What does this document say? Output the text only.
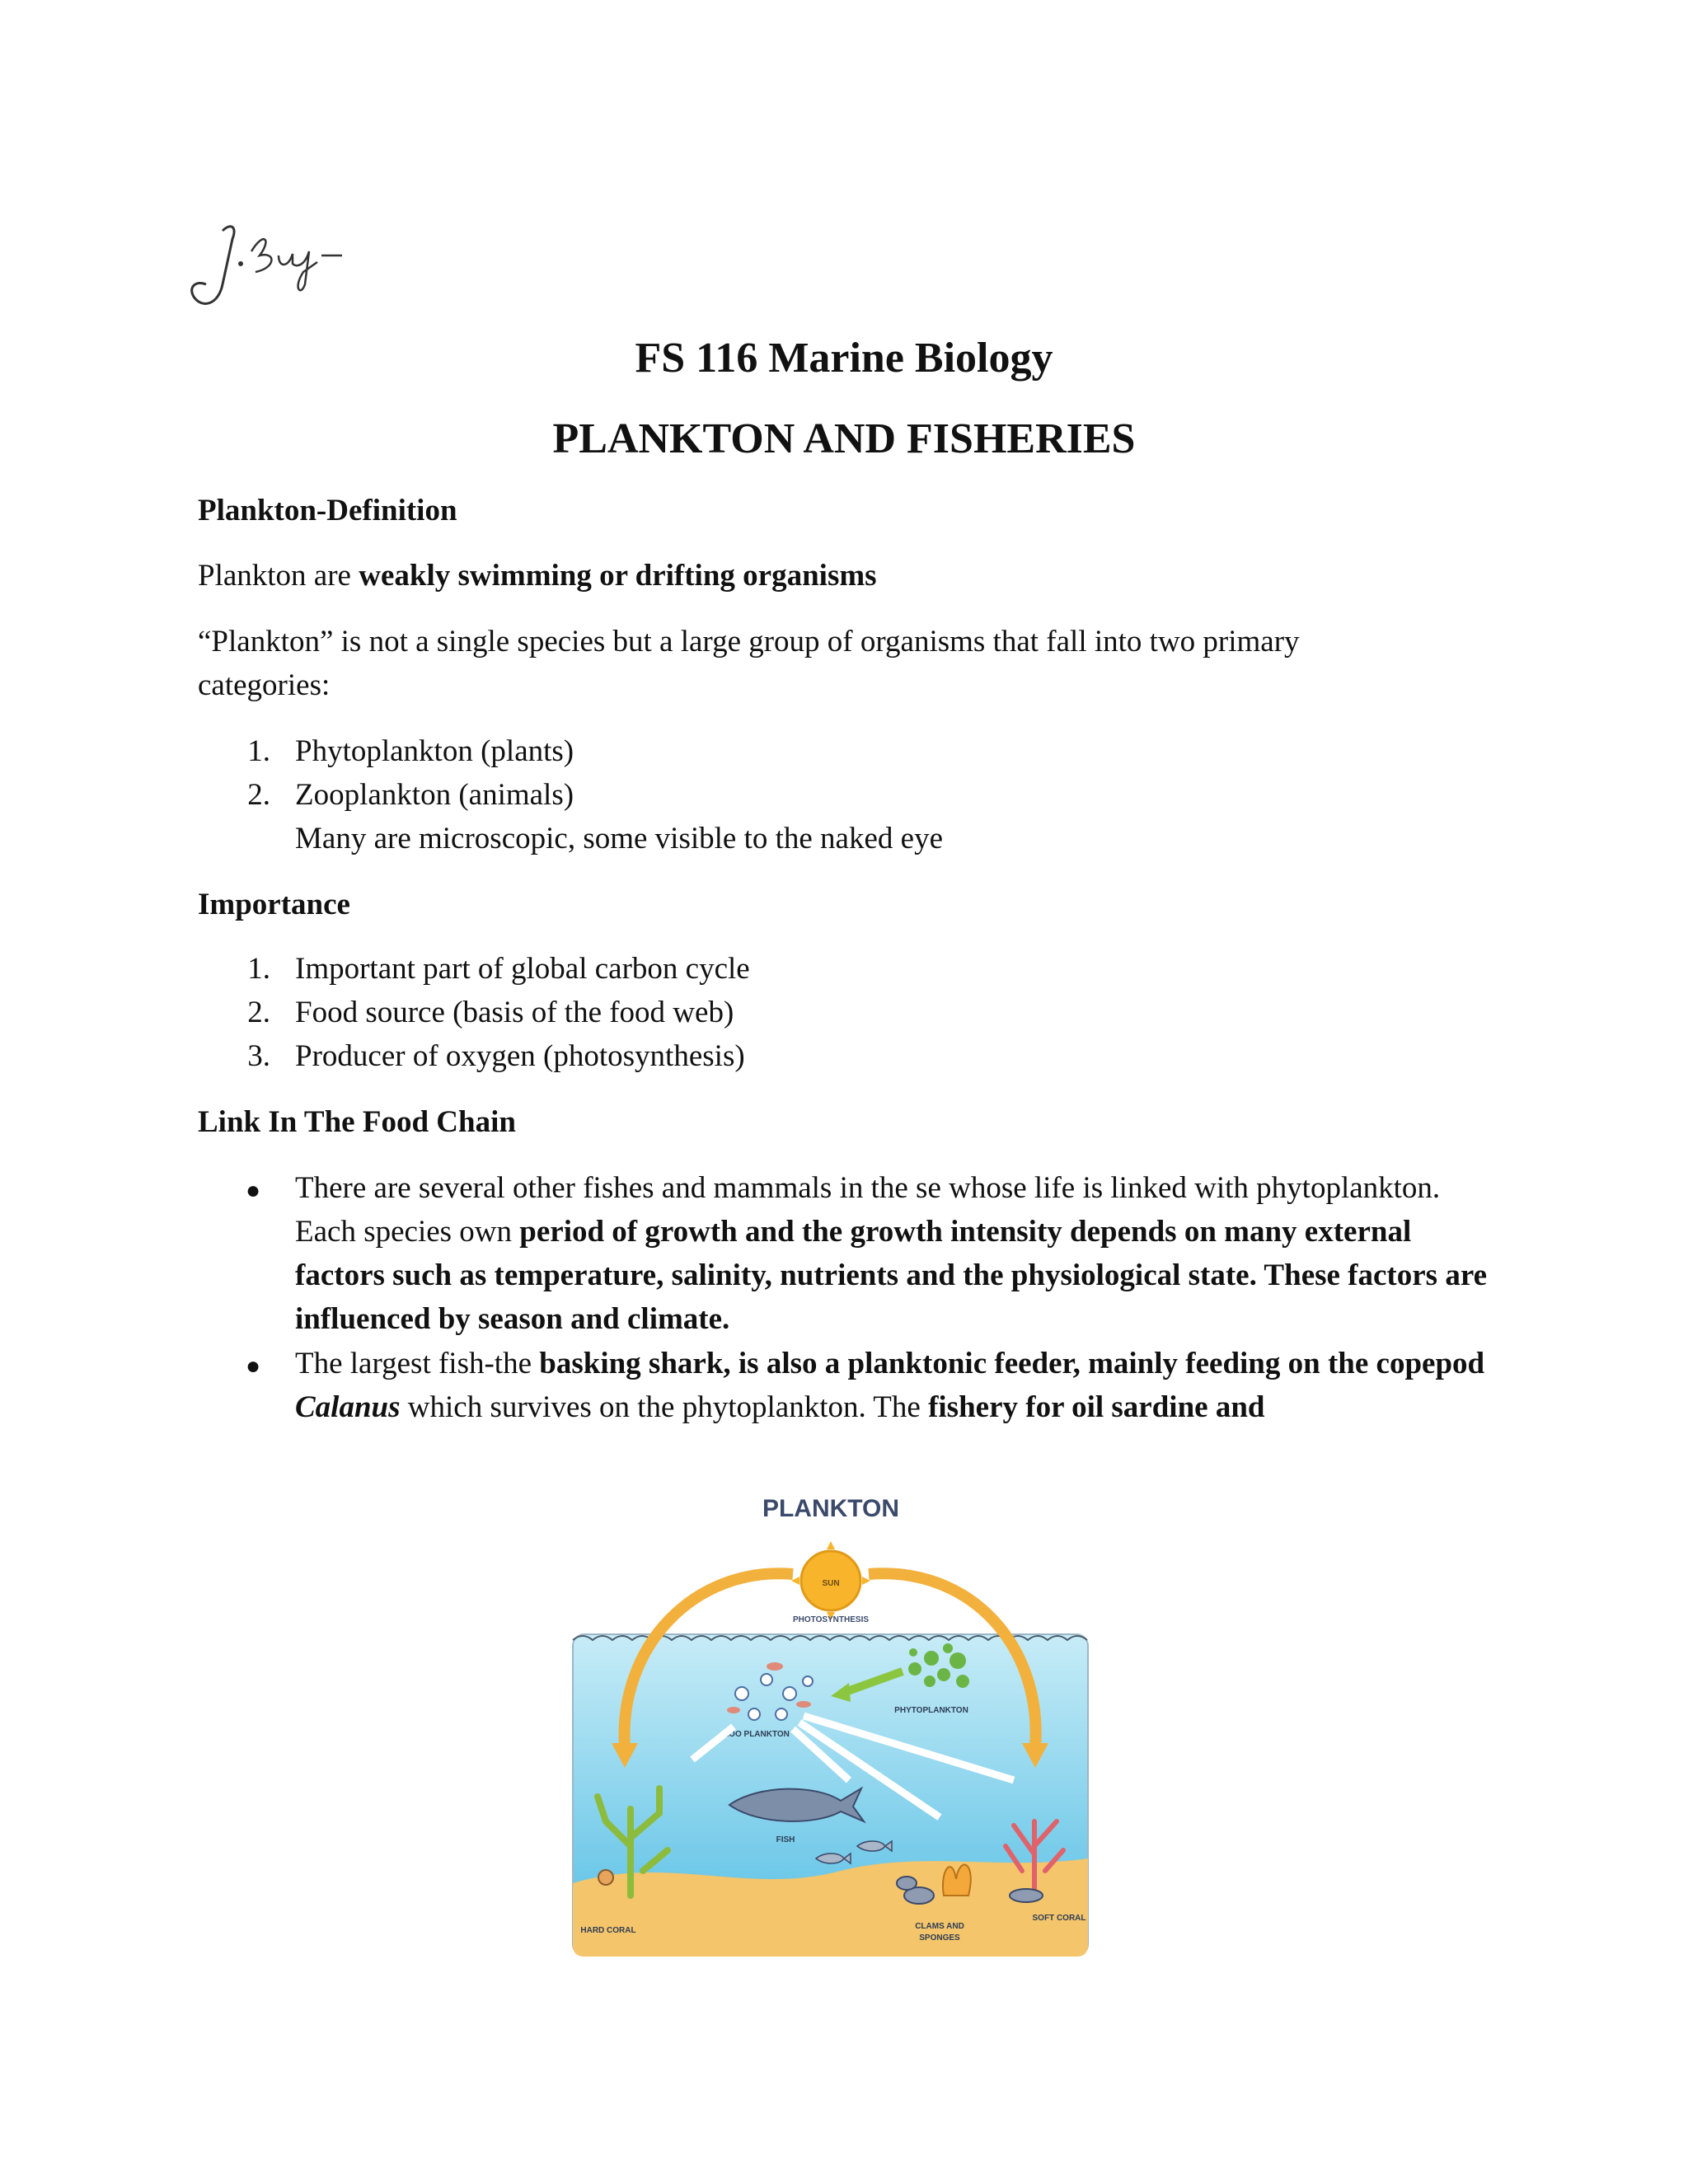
FS 116 Marine Biology
PLANKTON AND FISHERIES
Plankton-Definition
Plankton are weakly swimming or drifting organisms
“Plankton” is not a single species but a large group of organisms that fall into two primary
categories:
1. Phytoplankton (plants)
2. Zooplankton (animals)
Many are microscopic, some visible to the naked eye
Importance
1. Important part of global carbon cycle
2. Food source (basis of the food web)
3. Producer of oxygen (photosynthesis)
Link In The Food Chain
● There are several other fishes and mammals in the se whose life is linked with phytoplankton. Each species own period of growth and the growth intensity depends on many external factors such as temperature, salinity, nutrients and the physiological state. These factors are influenced by season and climate.
● The largest fish-the basking shark, is also a planktonic feeder, mainly feeding on the copepod Calanus which survives on the phytoplankton. The fishery for oil sardine and
PLANKTON
SUN
PHOTOSYNTHESIS
PHYTOPLANKTON
ZOO PLANKTON
FISH
HARD CORAL	CLAMS AND
SPONGES
SOFT CORAL
